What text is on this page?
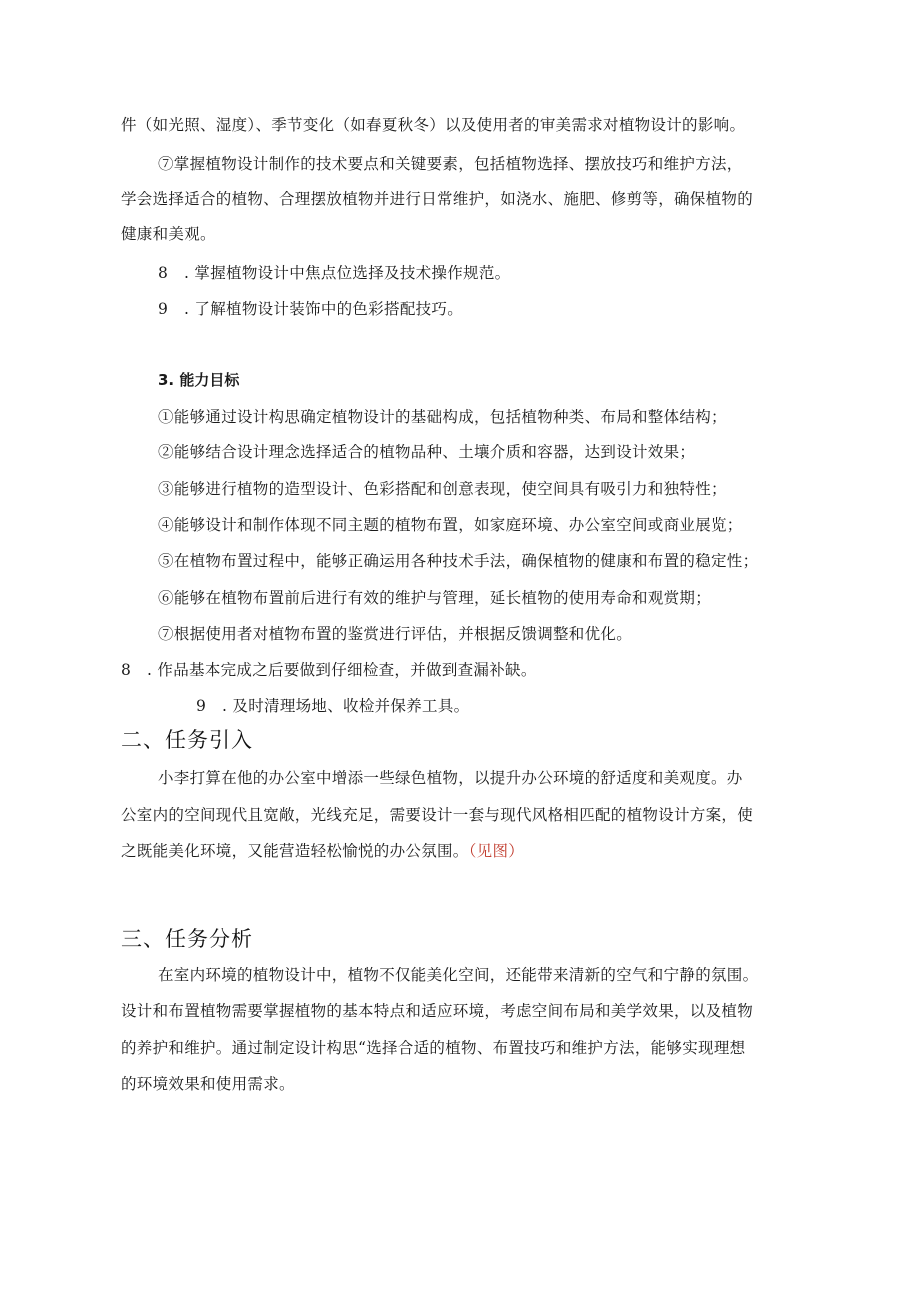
件（如光照、湿度）、季节变化（如春夏秋冬）以及使用者的审美需求对植物设计的影响。
⑦掌握植物设计制作的技术要点和关键要素，包括植物选择、摆放技巧和维护方法，
学会选择适合的植物、合理摆放植物并进行日常维护，如浇水、施肥、修剪等，确保植物的
健康和美观。
8　. 掌握植物设计中焦点位选择及技术操作规范。
9　. 了解植物设计装饰中的色彩搭配技巧。
3. 能力目标
①能够通过设计构思确定植物设计的基础构成，包括植物种类、布局和整体结构；
②能够结合设计理念选择适合的植物品种、土壤介质和容器，达到设计效果；
③能够进行植物的造型设计、色彩搭配和创意表现，使空间具有吸引力和独特性；
④能够设计和制作体现不同主题的植物布置，如家庭环境、办公室空间或商业展览；
⑤在植物布置过程中，能够正确运用各种技术手法，确保植物的健康和布置的稳定性；
⑥能够在植物布置前后进行有效的维护与管理，延长植物的使用寿命和观赏期；
⑦根据使用者对植物布置的鉴赏进行评估，并根据反馈调整和优化。
8　. 作品基本完成之后要做到仔细检查，并做到查漏补缺。
9　. 及时清理场地、收检并保养工具。
二、任务引入
小李打算在他的办公室中增添一些绿色植物，以提升办公环境的舒适度和美观度。办
公室内的空间现代且宽敞，光线充足，需要设计一套与现代风格相匹配的植物设计方案，使
之既能美化环境，又能营造轻松愉悦的办公氛围。（见图）
三、任务分析
在室内环境的植物设计中，植物不仅能美化空间，还能带来清新的空气和宁静的氛围。
设计和布置植物需要掌握植物的基本特点和适应环境，考虑空间布局和美学效果，以及植物
的养护和维护。通过制定设计构思“选择合适的植物、布置技巧和维护方法，能够实现理想
的环境效果和使用需求。
